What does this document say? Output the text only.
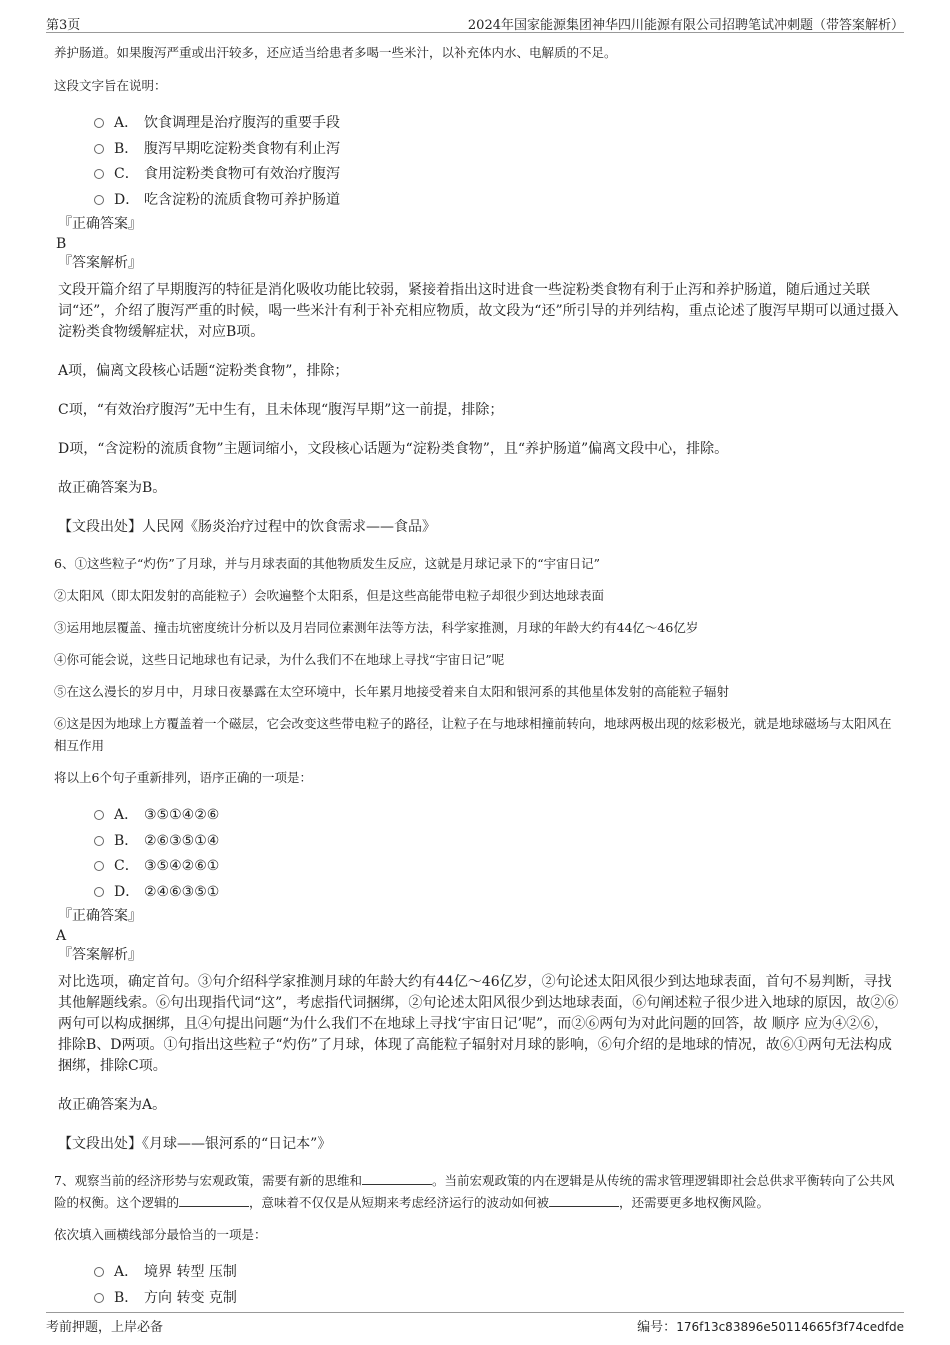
第3页	2024年国家能源集团神华四川能源有限公司招聘笔试冲刺题（带答案解析）
养护肠道。如果腹泻严重或出汗较多，还应适当给患者多喝一些米汁，以补充体内水、电解质的不足。
这段文字旨在说明：
A． 饮食调理是治疗腹泻的重要手段
B． 腹泻早期吃淀粉类食物有利止泻
C． 食用淀粉类食物可有效治疗腹泻
D． 吃含淀粉的流质食物可养护肠道
『正确答案』
B
『答案解析』
文段开篇介绍了早期腹泻的特征是消化吸收功能比较弱，紧接着指出这时进食一些淀粉类食物有利于止泻和养护肠道，随后通过关联词“还”，介绍了腹泻严重的时候，喝一些米汁有利于补充相应物质，故文段为“还”所引导的并列结构，重点论述了腹泻早期可以通过摄入淀粉类食物缓解症状，对应B项。
A项，偏离文段核心话题“淀粉类食物”，排除；
C项，“有效治疗腹泻”无中生有，且未体现“腹泻早期”这一前提，排除；
D项，“含淀粉的流质食物”主题词缩小，文段核心话题为“淀粉类食物”，且“养护肠道”偏离文段中心，排除。
故正确答案为B。
【文段出处】人民网《肠炎治疗过程中的饮食需求——食品》
6、①这些粒子“灼伤”了月球，并与月球表面的其他物质发生反应，这就是月球记录下的“宇宙日记”
②太阳风（即太阳发射的高能粒子）会吹遍整个太阳系，但是这些高能带电粒子却很少到达地球表面
③运用地层覆盖、撞击坑密度统计分析以及月岩同位素测年法等方法，科学家推测，月球的年龄大约有44亿～46亿岁
④你可能会说，这些日记地球也有记录，为什么我们不在地球上寻找“宇宙日记”呢
⑤在这么漫长的岁月中，月球日夜暴露在太空环境中，长年累月地接受着来自太阳和银河系的其他星体发射的高能粒子辐射
⑥这是因为地球上方覆盖着一个磁层，它会改变这些带电粒子的路径，让粒子在与地球相撞前转向，地球两极出现的炫彩极光，就是地球磁场与太阳风在相互作用
将以上6个句子重新排列，语序正确的一项是：
A． ③⑤①④②⑥
B． ②⑥③⑤①④
C． ③⑤④②⑥①
D． ②④⑥③⑤①
『正确答案』
A
『答案解析』
对比选项，确定首句。③句介绍科学家推测月球的年龄大约有44亿～46亿岁，②句论述太阳风很少到达地球表面，首句不易判断，寻找其他解题线索。⑥句出现指代词“这”，考虑指代词捆绑，②句论述太阳风很少到达地球表面，⑥句阐述粒子很少进入地球的原因，故②⑥两句可以构成捆绑，且④句提出问题“为什么我们不在地球上寻找‘宇宙日记’呢”，而②⑥两句为对此问题的回答，故 顺序 应为④②⑥，排除B、D两项。①句指出这些粒子“灼伤”了月球，体现了高能粒子辐射对月球的影响，⑥句介绍的是地球的情况，故⑥①两句无法构成捆绑，排除C项。
故正确答案为A。
【文段出处】《月球——银河系的“日记本”》
7、观察当前的经济形势与宏观政策，需要有新的思维和	。当前宏观政策的内在逻辑是从传统的需求管理逻辑即社会总供求平衡转向了公共风险的权衡。这个逻辑的	，意味着不仅仅是从短期来考虑经济运行的波动如何被	，还需要更多地权衡风险。
依次填入画横线部分最恰当的一项是：
A． 境界 转型 压制
B． 方向 转变 克制
考前押题，上岸必备	编号：176f13c83896e50114665f3f74cedfde
